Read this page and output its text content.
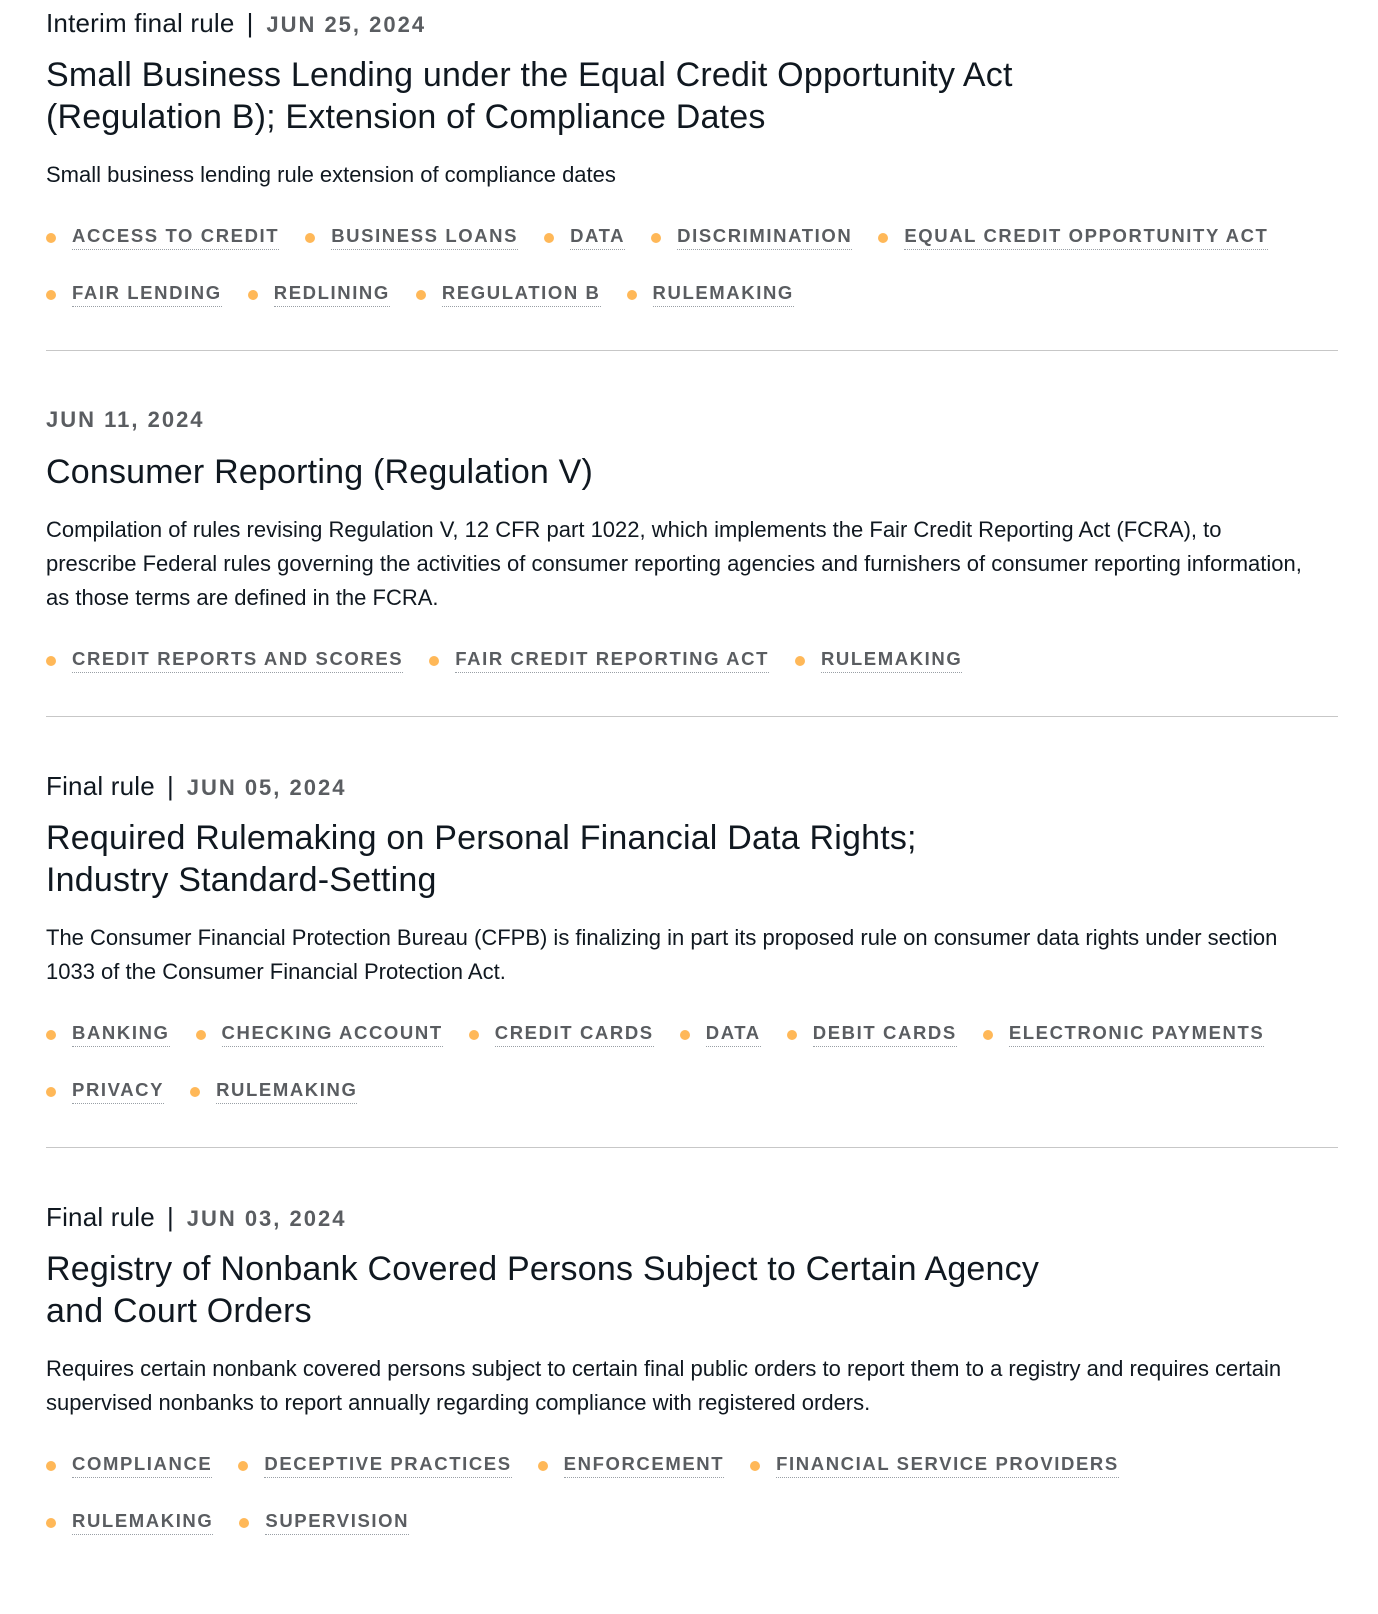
Interim final rule | JUN 25, 2024
Small Business Lending under the Equal Credit Opportunity Act (Regulation B); Extension of Compliance Dates

Small business lending rule extension of compliance dates

ACCESS TO CREDIT	BUSINESS LOANS	DATA	DISCRIMINATION	EQUAL CREDIT OPPORTUNITY ACT
FAIR LENDING	REDLINING	REGULATION B	RULEMAKING
JUN 11, 2024
Consumer Reporting (Regulation V)

Compilation of rules revising Regulation V, 12 CFR part 1022, which implements the Fair Credit Reporting Act (FCRA), to prescribe Federal rules governing the activities of consumer reporting agencies and furnishers of consumer reporting information, as those terms are defined in the FCRA.

CREDIT REPORTS AND SCORES	FAIR CREDIT REPORTING ACT	RULEMAKING
Final rule | JUN 05, 2024
Required Rulemaking on Personal Financial Data Rights; Industry Standard-Setting

The Consumer Financial Protection Bureau (CFPB) is finalizing in part its proposed rule on consumer data rights under section 1033 of the Consumer Financial Protection Act.

BANKING	CHECKING ACCOUNT	CREDIT CARDS	DATA	DEBIT CARDS	ELECTRONIC PAYMENTS
PRIVACY	RULEMAKING
Final rule | JUN 03, 2024
Registry of Nonbank Covered Persons Subject to Certain Agency and Court Orders

Requires certain nonbank covered persons subject to certain final public orders to report them to a registry and requires certain supervised nonbanks to report annually regarding compliance with registered orders.

COMPLIANCE	DECEPTIVE PRACTICES	ENFORCEMENT	FINANCIAL SERVICE PROVIDERS
RULEMAKING	SUPERVISION
